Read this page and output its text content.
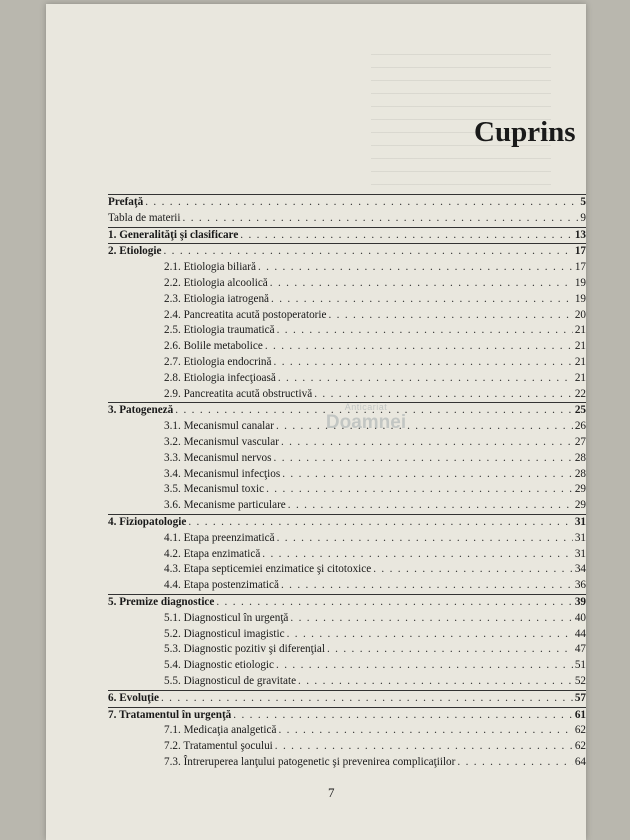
Cuprins
Prefaţă . . .	5
Tabla de materii . . .	9
1. Generalităţi şi clasificare . . .	13
2. Etiologie . . .	17
2.1. Etiologia biliară . . .	17
2.2. Etiologia alcoolică . . .	19
2.3. Etiologia iatrogenă . . .	19
2.4. Pancreatita acută postoperatorie . . .	20
2.5. Etiologia traumatică . . .	21
2.6. Bolile metabolice . . .	21
2.7. Etiologia endocrină . . .	21
2.8. Etiologia infecţioasă . . .	21
2.9. Pancreatita acută obstructivă . . .	22
3. Patogeneză . . .	25
3.1. Mecanismul canalar . . .	26
3.2. Mecanismul vascular . . .	27
3.3. Mecanismul nervos . . .	28
3.4. Mecanismul infecţios . . .	28
3.5. Mecanismul toxic . . .	29
3.6. Mecanisme particulare . . .	29
4. Fiziopatologie . . .	31
4.1. Etapa preenzimatică . . .	31
4.2. Etapa enzimatică . . .	31
4.3. Etapa septicemiei enzimatice şi citotoxice . . .	34
4.4. Etapa postenzimatică . . .	36
5. Premize diagnostice . . .	39
5.1. Diagnosticul în urgenţă . . .	40
5.2. Diagnosticul imagistic . . .	44
5.3. Diagnostic pozitiv şi diferenţial . . .	47
5.4. Diagnostic etiologic . . .	51
5.5. Diagnosticul de gravitate . . .	52
6. Evoluţie . . .	57
7. Tratamentul în urgenţă . . .	61
7.1. Medicaţia analgetică . . .	62
7.2. Tratamentul şocului . . .	62
7.3. Întreruperea lanţului patogenetic şi prevenirea complicaţiilor . . .	64
Anticariat
Doamnei
7
